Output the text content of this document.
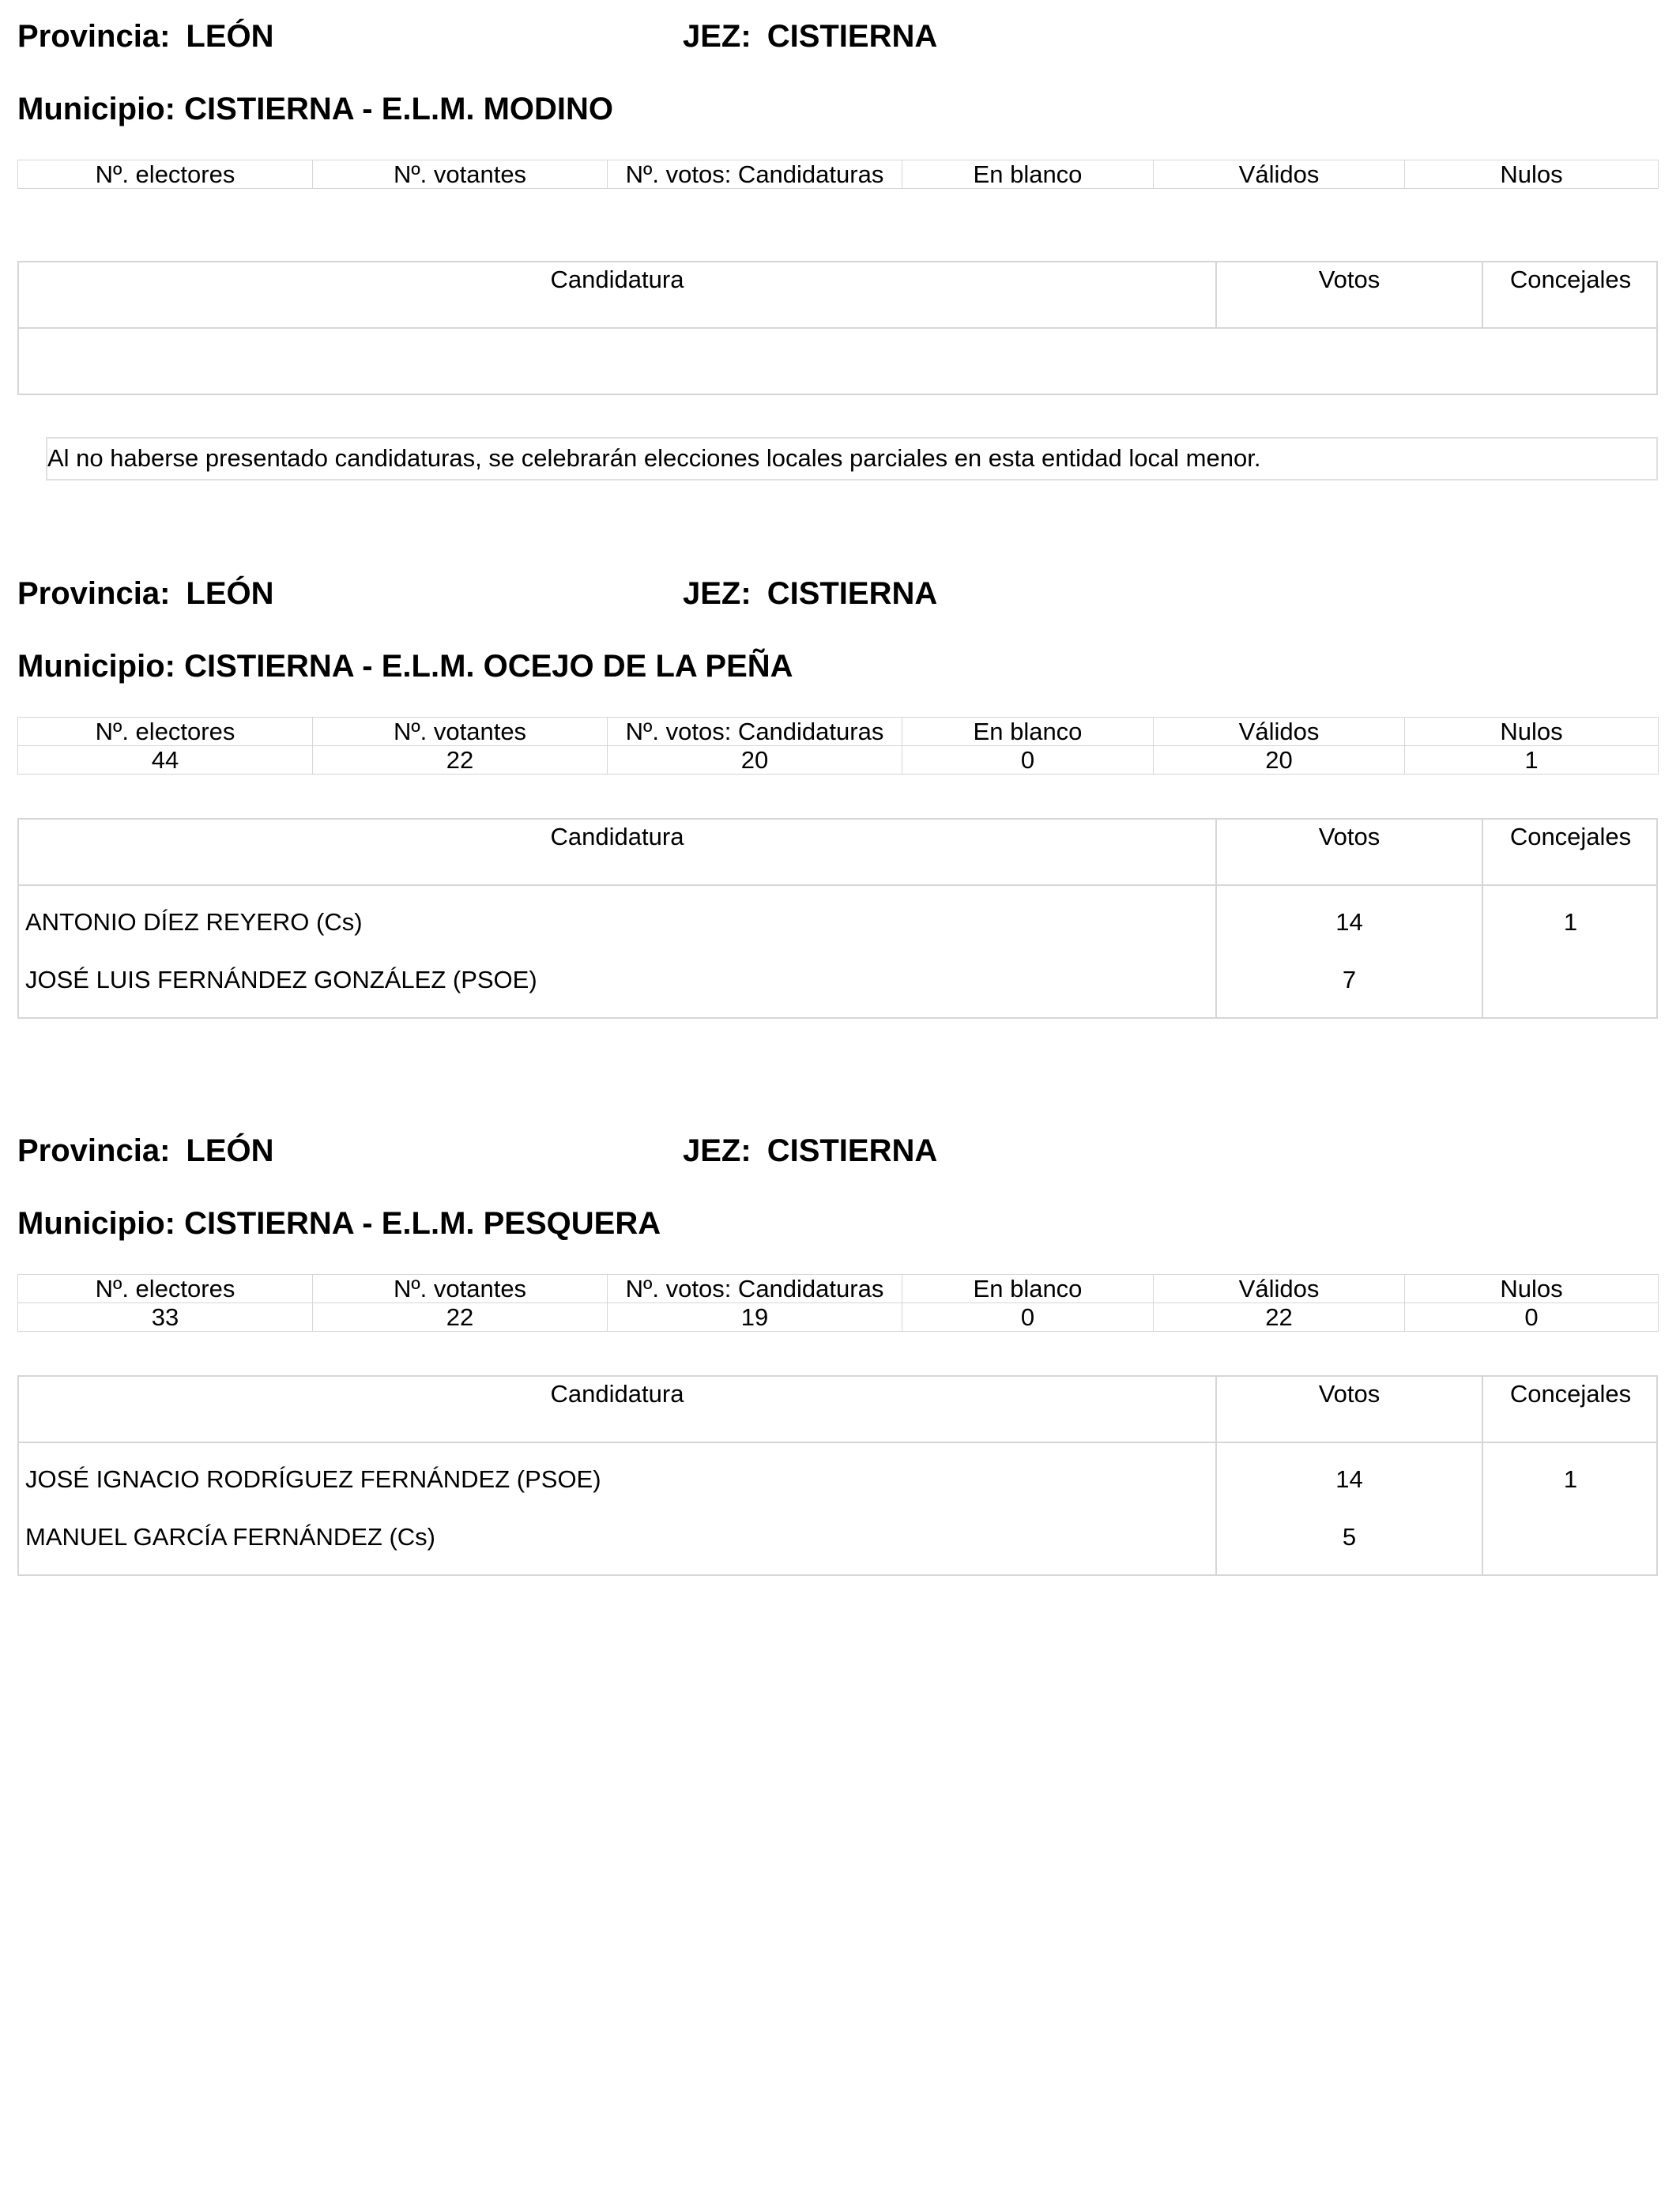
Provincia: LEÓN	JEZ: CISTIERNA
Municipio: CISTIERNA - E.L.M. MODINO
Nº. electores	Nº. votantes	Nº. votos: Candidaturas	En blanco	Válidos	Nulos
Candidatura	Votos	Concejales
Al no haberse presentado candidaturas, se celebrarán elecciones locales parciales en esta entidad local menor.
Provincia: LEÓN	JEZ: CISTIERNA
Municipio: CISTIERNA - E.L.M. OCEJO DE LA PEÑA
Nº. electores	Nº. votantes	Nº. votos: Candidaturas	En blanco	Válidos	Nulos
44	22	20	0	20	1
Candidatura	Votos	Concejales
ANTONIO DÍEZ REYERO (Cs)	14	1
JOSÉ LUIS FERNÁNDEZ GONZÁLEZ (PSOE)	7
Provincia: LEÓN	JEZ: CISTIERNA
Municipio: CISTIERNA - E.L.M. PESQUERA
Nº. electores	Nº. votantes	Nº. votos: Candidaturas	En blanco	Válidos	Nulos
33	22	19	0	22	0
Candidatura	Votos	Concejales
JOSÉ IGNACIO RODRÍGUEZ FERNÁNDEZ (PSOE)	14	1
MANUEL GARCÍA FERNÁNDEZ (Cs)	5
